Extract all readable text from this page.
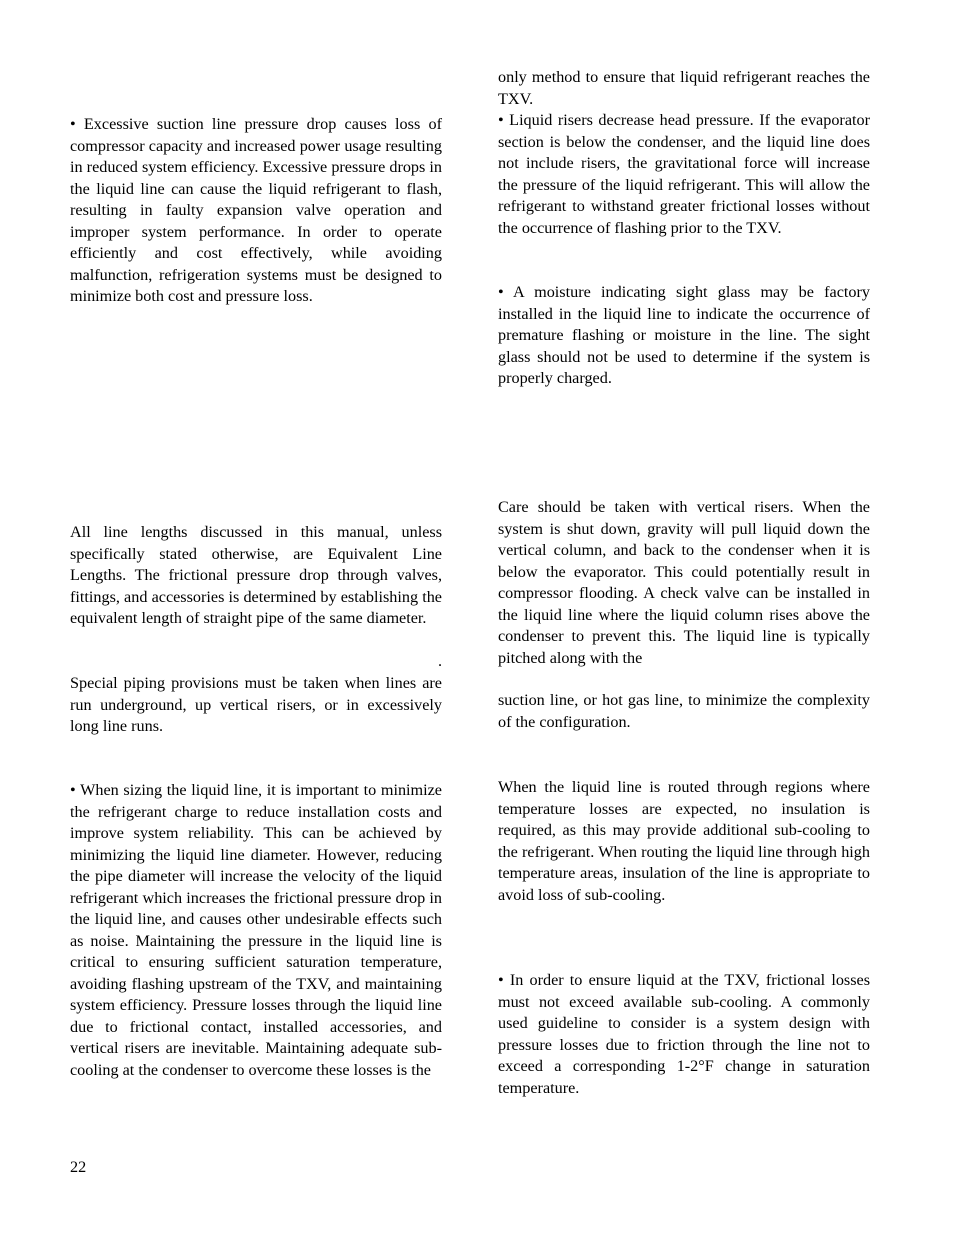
• Excessive suction line pressure drop causes loss of compressor capacity and increased power usage resulting in reduced system efficiency. Excessive pressure drops in the liquid line can cause the liquid refrigerant to flash, resulting in faulty expansion valve operation and improper system performance. In order to operate efficiently and cost effectively, while avoiding malfunction, refrigeration systems must be designed to minimize both cost and pressure loss.

All line lengths discussed in this manual, unless specifically stated otherwise, are Equivalent Line Lengths. The frictional pressure drop through valves, fittings, and accessories is determined by establishing the equivalent length of straight pipe of the same diameter.

.

Special piping provisions must be taken when lines are run underground, up vertical risers, or in excessively long line runs.

• When sizing the liquid line, it is important to minimize the refrigerant charge to reduce installation costs and improve system reliability. This can be achieved by minimizing the liquid line diameter. However, reducing the pipe diameter will increase the velocity of the liquid refrigerant which increases the frictional pressure drop in the liquid line, and causes other undesirable effects such as noise. Maintaining the pressure in the liquid line is critical to ensuring sufficient saturation temperature, avoiding flashing upstream of the TXV, and maintaining system efficiency. Pressure losses through the liquid line due to frictional contact, installed accessories, and vertical risers are inevitable. Maintaining adequate sub-cooling at the condenser to overcome these losses is the

only method to ensure that liquid refrigerant reaches the TXV.

• Liquid risers decrease head pressure. If the evaporator section is below the condenser, and the liquid line does not include risers, the gravitational force will increase the pressure of the liquid refrigerant. This will allow the refrigerant to withstand greater frictional losses without the occurrence of flashing prior to the TXV.

• A moisture indicating sight glass may be factory installed in the liquid line to indicate the occurrence of premature flashing or moisture in the line. The sight glass should not be used to determine if the system is properly charged.

Care should be taken with vertical risers. When the system is shut down, gravity will pull liquid down the vertical column, and back to the condenser when it is below the evaporator. This could potentially result in compressor flooding. A check valve can be installed in the liquid line where the liquid column rises above the condenser to prevent this. The liquid line is typically pitched along with the

suction line, or hot gas line, to minimize the complexity of the configuration.

When the liquid line is routed through regions where temperature losses are expected, no insulation is required, as this may provide additional sub-cooling to the refrigerant. When routing the liquid line through high temperature areas, insulation of the line is appropriate to avoid loss of sub-cooling.

• In order to ensure liquid at the TXV, frictional losses must not exceed available sub-cooling. A commonly used guideline to consider is a system design with pressure losses due to friction through the line not to exceed a corresponding 1-2°F change in saturation temperature.

22
